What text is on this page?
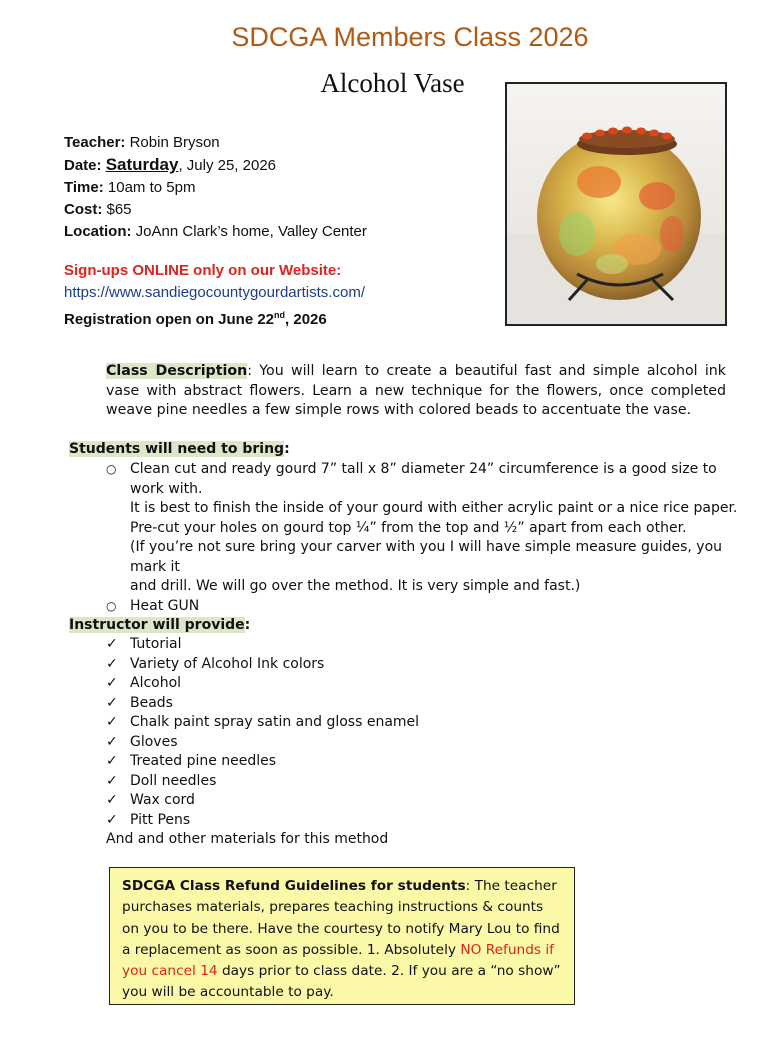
SDCGA Members Class 2026
Alcohol Vase
Teacher: Robin Bryson
Date: Saturday, July 25, 2026
Time: 10am to 5pm
Cost: $65
Location: JoAnn Clark’s home, Valley Center
Sign-ups ONLINE only on our Website:
https://www.sandiegocountygourdartists.com/
Registration open on June 22nd, 2026
Class Description: You will learn to create a beautiful fast and simple alcohol ink vase with abstract flowers. Learn a new technique for the flowers, once completed weave pine needles a few simple rows with colored beads to accentuate the vase.
Students will need to bring:
○ Clean cut and ready gourd 7” tall x 8” diameter 24” circumference is a good size to work with.
It is best to finish the inside of your gourd with either acrylic paint or a nice rice paper.
Pre-cut your holes on gourd top ¼” from the top and ½” apart from each other.
(If you’re not sure bring your carver with you I will have simple measure guides, you mark it
and drill. We will go over the method. It is very simple and fast.)
○ Heat GUN
Instructor will provide:
✓ Tutorial
✓ Variety of Alcohol Ink colors
✓ Alcohol
✓ Beads
✓ Chalk paint spray satin and gloss enamel
✓ Gloves
✓ Treated pine needles
✓ Doll needles
✓ Wax cord
✓ Pitt Pens
And and other materials for this method
SDCGA Class Refund Guidelines for students: The teacher purchases materials, prepares teaching instructions & counts on you to be there. Have the courtesy to notify Mary Lou to find a replacement as soon as possible. 1. Absolutely NO Refunds if you cancel 14 days prior to class date. 2. If you are a “no show” you will be accountable to pay.
